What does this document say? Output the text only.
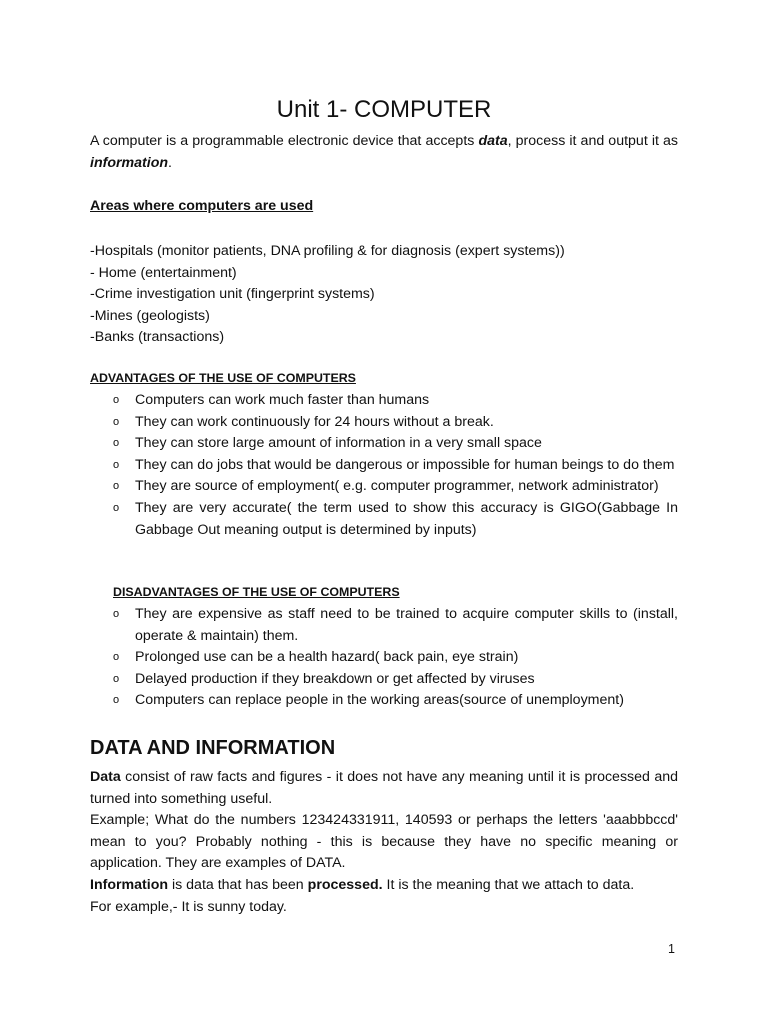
Unit 1- COMPUTER

A computer is a programmable electronic device that accepts data, process it and output it as information.

Areas where computers are used

-Hospitals (monitor patients, DNA profiling & for diagnosis (expert systems))
- Home (entertainment)
-Crime investigation unit (fingerprint systems)
-Mines (geologists)
-Banks (transactions)

ADVANTAGES OF THE USE OF COMPUTERS

o Computers can work much faster than humans
o They can work continuously for 24 hours without a break.
o They can store large amount of information in a very small space
o They can do jobs that would be dangerous or impossible for human beings to do them
o They are source of employment( e.g. computer programmer, network administrator)
o They are very accurate( the term used to show this accuracy is GIGO(Gabbage In Gabbage Out meaning output is determined by inputs)

DISADVANTAGES OF THE USE OF COMPUTERS

o They are expensive as staff need to be trained to acquire computer skills to (install, operate & maintain) them.
o Prolonged use can be a health hazard( back pain, eye strain)
o Delayed production if they breakdown or get affected by viruses
o Computers can replace people in the working areas(source of unemployment)
DATA AND INFORMATION

Data consist of raw facts and figures - it does not have any meaning until it is processed and turned into something useful.

Example; What do the numbers 123424331911, 140593 or perhaps the letters 'aaabbbccd' mean to you? Probably nothing - this is because they have no specific meaning or application. They are examples of DATA.

Information is data that has been processed. It is the meaning that we attach to data.

For example,- It is sunny today.

1
